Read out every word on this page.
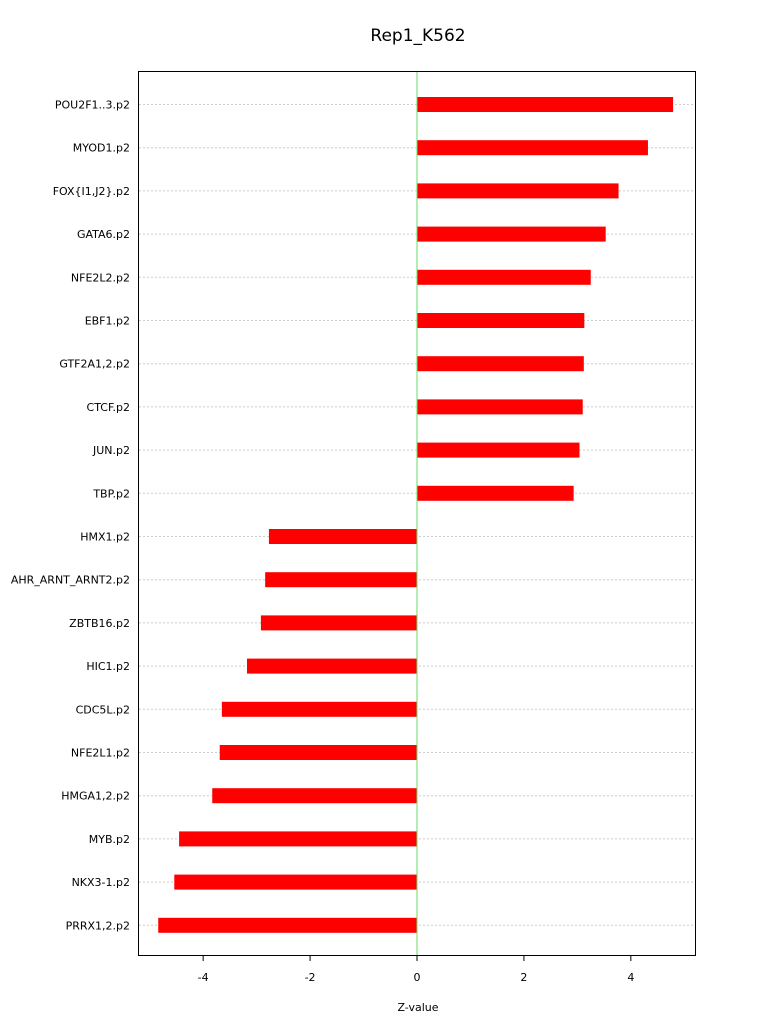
Rep1_K562
POU2F1..3.p2
MYOD1.p2
FOX{I1,J2}.p2
GATA6.p2
NFE2L2.p2
EBF1.p2
GTF2A1,2.p2
CTCF.p2
JUN.p2
TBP.p2
HMX1.p2
AHR_ARNT_ARNT2.p2
ZBTB16.p2
HIC1.p2
CDC5L.p2
NFE2L1.p2
HMGA1,2.p2
MYB.p2
NKX3-1.p2
PRRX1,2.p2
-4	-2	0	2	4
Z-value
